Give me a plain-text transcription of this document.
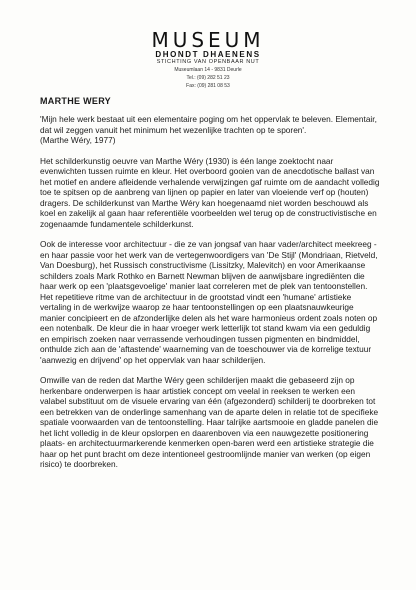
MUSEUM
DHONDT DHAENENS
STICHTING VAN OPENBAAR NUT
Museumlaan 14 - 9831 Deurle
Tel.: (09) 282 51 23
Fax: (09) 281 08 53
MARTHE WERY

'Mijn hele werk bestaat uit een elementaire poging om het oppervlak te beleven. Elementair, dat wil zeggen vanuit het minimum het wezenlijke trachten op te sporen'.
(Marthe Wéry, 1977)

Het schilderkunstig oeuvre van Marthe Wéry (1930) is één lange zoektocht naar evenwichten tussen ruimte en kleur. Het overboord gooien van de anecdotische ballast van het motief en andere afleidende verhalende verwijzingen gaf ruimte om de aandacht volledig toe te spitsen op de aanbreng van lijnen op papier en later van vloeiende verf op (houten) dragers. De schilderkunst van Marthe Wéry kan hoegenaamd niet worden beschouwd als koel en zakelijk al gaan haar referentiële voorbeelden wel terug op de constructivistische en zogenaamde fundamentele schilderkunst.

Ook de interesse voor architectuur - die ze van jongsaf van haar vader/architect meekreeg - en haar passie voor het werk van de vertegenwoordigers van 'De Stijl' (Mondriaan, Rietveld, Van Doesburg), het Russisch constructivisme (Lissitzky, Malevitch) en voor Amerikaanse schilders zoals Mark Rothko en Barnett Newman blijven de aanwijsbare ingrediënten die haar werk op een 'plaatsgevoelige' manier laat correleren met de plek van tentoonstellen. Het repetitieve ritme van de architectuur in de grootstad vindt een 'humane' artistieke vertaling in de werkwijze waarop ze haar tentoonstellingen op een plaatsnauwkeurige manier concipieert en de afzonderlijke delen als het ware harmonieus ordent zoals noten op een notenbalk. De kleur die in haar vroeger werk letterlijk tot stand kwam via een geduldig en empirisch zoeken naar verrassende verhoudingen tussen pigmenten en bindmiddel, onthulde zich aan de 'aftastende' waarneming van de toeschouwer via de korrelige textuur 'aanwezig en drijvend' op het oppervlak van haar schilderijen.

Omwille van de reden dat Marthe Wéry geen schilderijen maakt die gebaseerd zijn op herkenbare onderwerpen is haar artistiek concept om veelal in reeksen te werken een valabel substituut om de visuele ervaring van één (afgezonderd) schilderij te doorbreken tot een betrekken van de onderlinge samenhang van de aparte delen in relatie tot de specifieke spatiale voorwaarden van de tentoonstelling. Haar talrijke aartsmooie en gladde panelen die het licht volledig in de kleur opslorpen en daarenboven via een nauwgezette positionering plaats- en architectuurmarkerende kenmerken open-baren werd een artistieke strategie die haar op het punt bracht om deze intentioneel gestroomlijnde manier van werken (op eigen risico) te doorbreken.
